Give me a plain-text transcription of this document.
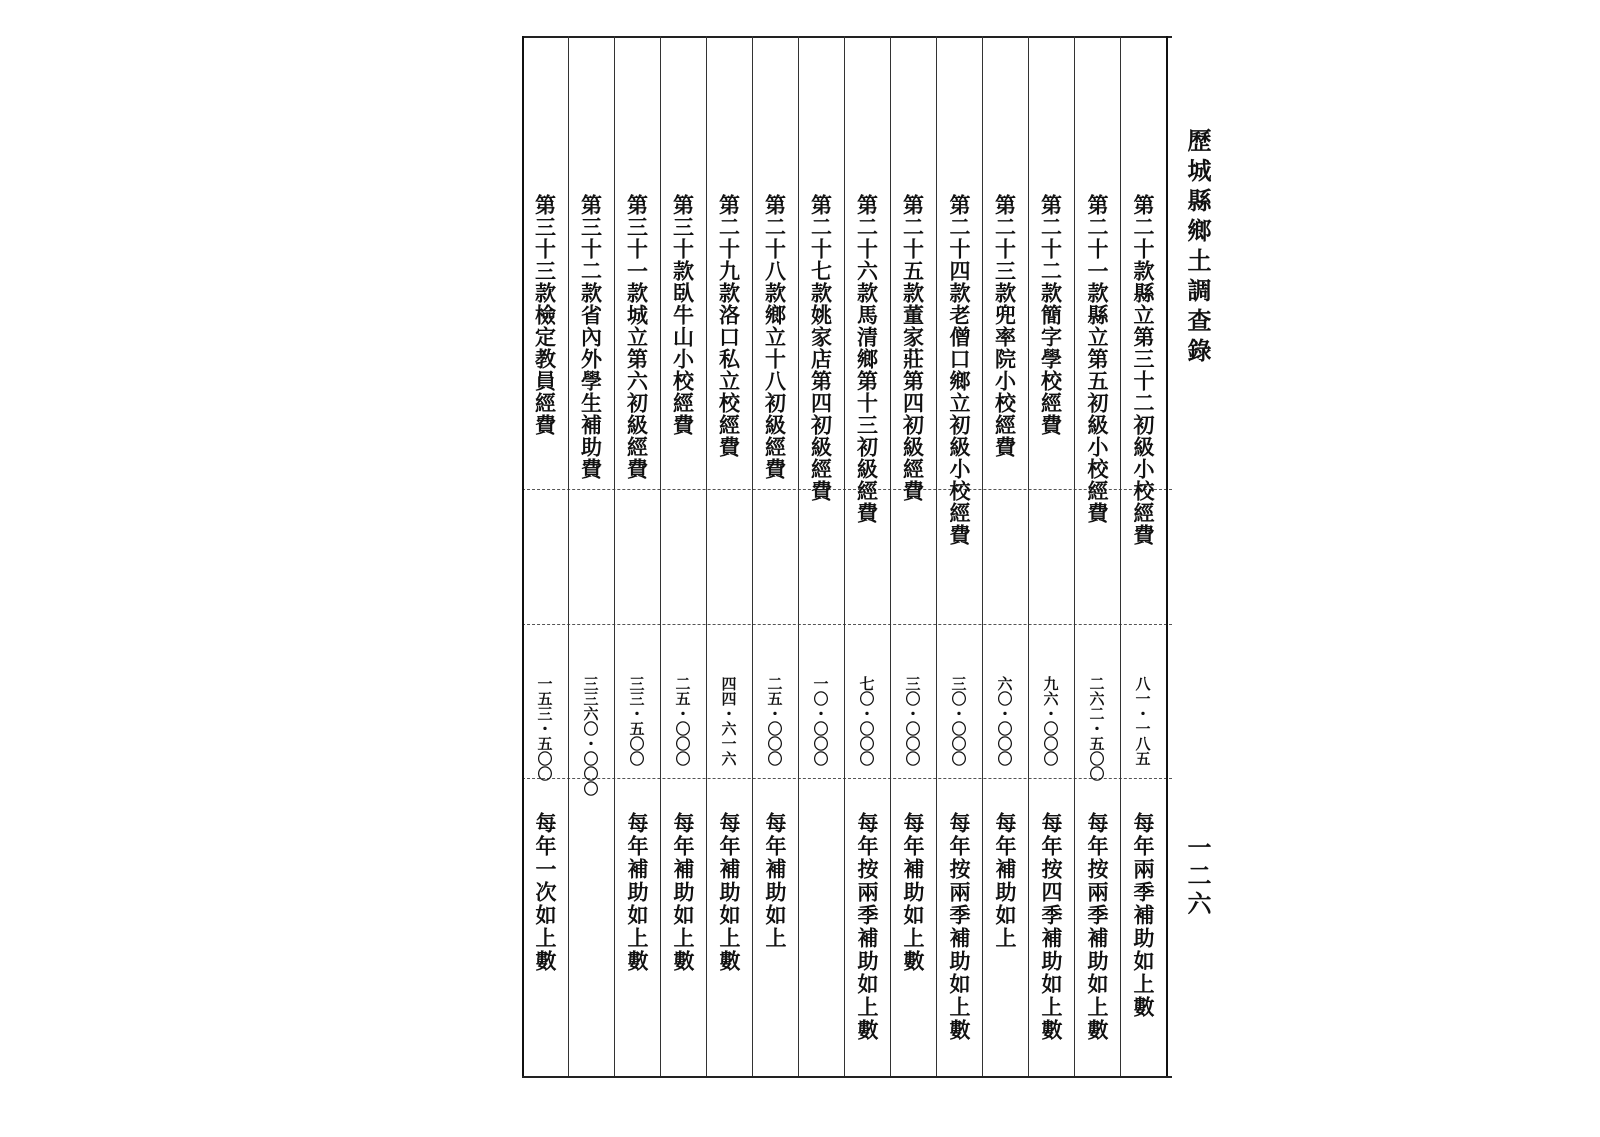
第二十款縣立第三十二初級小校經費
八一・一八五
每年兩季補助如上數
第二十一款縣立第五初級小校經費
二六二・五〇〇
每年按兩季補助如上數
第二十二款簡字學校經費
九六・〇〇〇
每年按四季補助如上數
第二十三款兜率院小校經費
六〇・〇〇〇
每年補助如上
第二十四款老僧口鄉立初級小校經費
三〇・〇〇〇
每年按兩季補助如上數
第二十五款董家莊第四初級經費
三〇・〇〇〇
每年補助如上數
第二十六款馬清鄉第十三初級經費
七〇・〇〇〇
每年按兩季補助如上數
第二十七款姚家店第四初級經費
一〇・〇〇〇
第二十八款鄉立十八初級經費
二五・〇〇〇
每年補助如上
第二十九款洛口私立校經費
四四・六一六
每年補助如上數
第三十款臥牛山小校經費
二五・〇〇〇
每年補助如上數
第三十一款城立第六初級經費
三三・五〇〇
每年補助如上數
第三十二款省內外學生補助費
三三六〇・〇〇〇
第三十三款檢定教員經費
一五三・五〇〇
每年一次如上數
歷城縣鄉土調查錄
一二六
